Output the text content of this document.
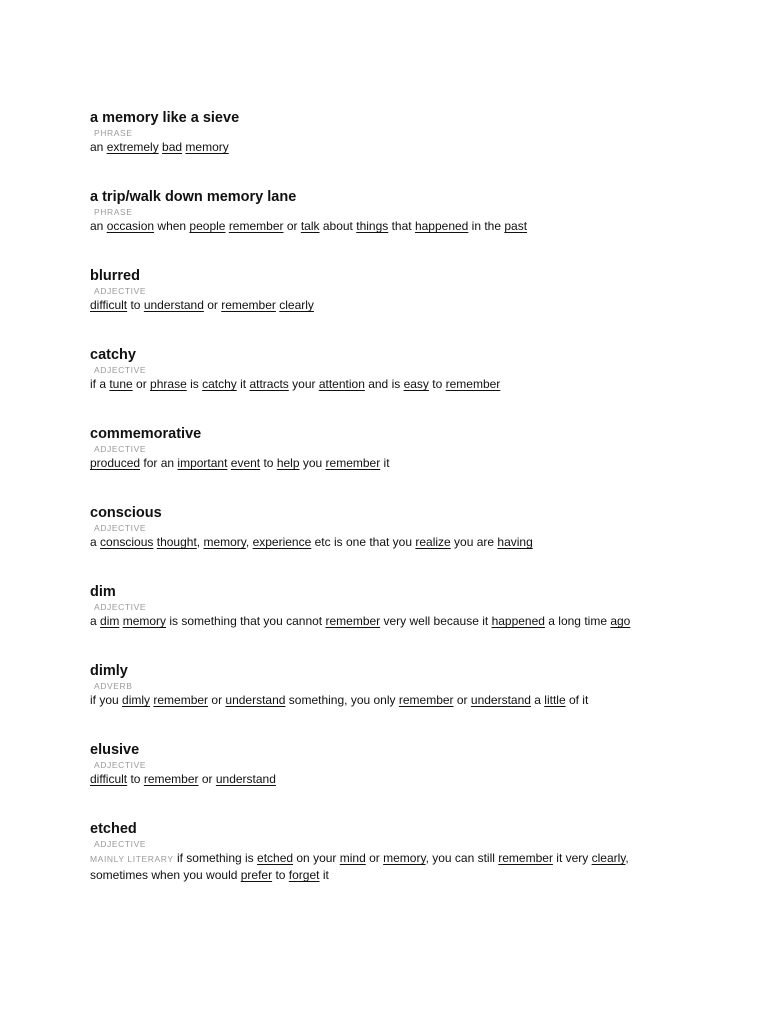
a memory like a sieve
PHRASE
an extremely bad memory
a trip/walk down memory lane
PHRASE
an occasion when people remember or talk about things that happened in the past
blurred
ADJECTIVE
difficult to understand or remember clearly
catchy
ADJECTIVE
if a tune or phrase is catchy it attracts your attention and is easy to remember
commemorative
ADJECTIVE
produced for an important event to help you remember it
conscious
ADJECTIVE
a conscious thought, memory, experience etc is one that you realize you are having
dim
ADJECTIVE
a dim memory is something that you cannot remember very well because it happened a long time ago
dimly
ADVERB
if you dimly remember or understand something, you only remember or understand a little of it
elusive
ADJECTIVE
difficult to remember or understand
etched
ADJECTIVE
MAINLY LITERARY if something is etched on your mind or memory, you can still remember it very clearly, sometimes when you would prefer to forget it
